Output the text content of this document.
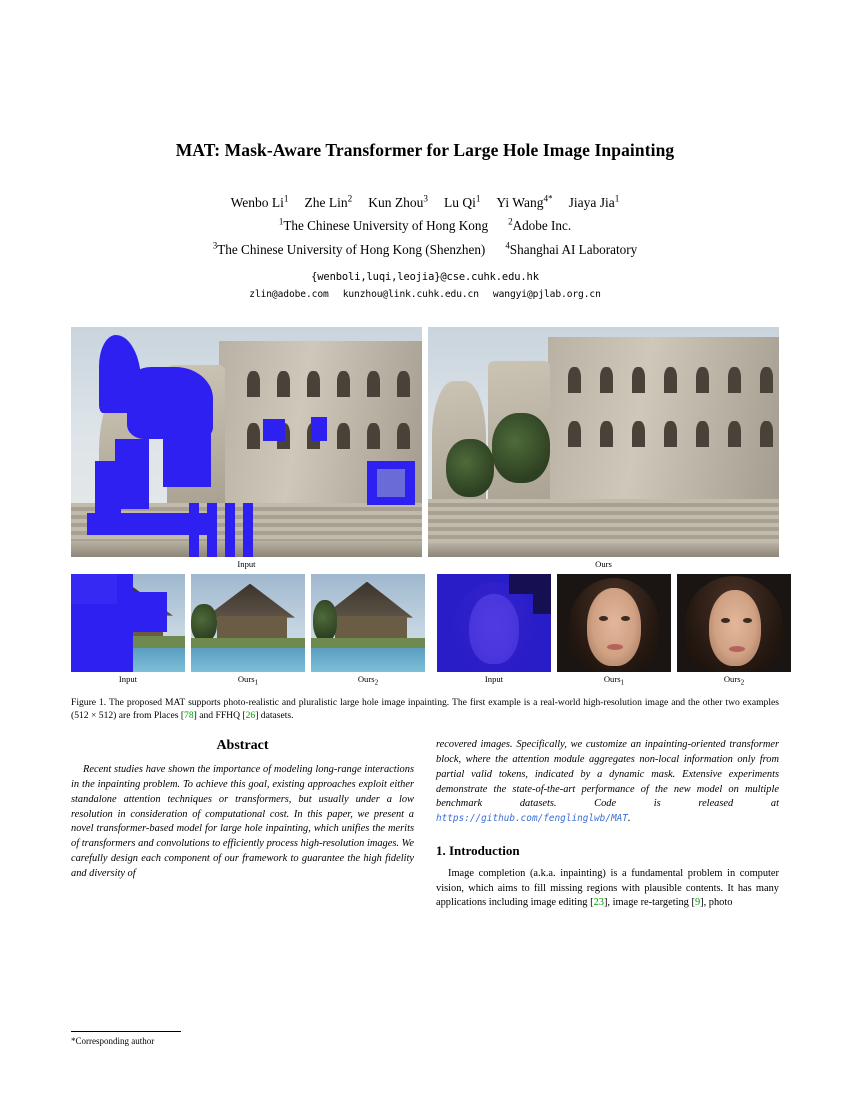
MAT: Mask-Aware Transformer for Large Hole Image Inpainting
Wenbo Li$^1$ Zhe Lin$^2$ Kun Zhou$^3$ Lu Qi$^1$ Yi Wang$^{4*}$ Jiaya Jia$^1$
$^1$The Chinese University of Hong Kong $^2$Adobe Inc.
$^3$The Chinese University of Hong Kong (Shenzhen) $^4$Shanghai AI Laboratory
{wenboli,luqi,leojia}@cse.cuhk.edu.hk
zlin@adobe.com kunzhou@link.cuhk.edu.cn wangyi@pjlab.org.cn
Input	Ours
Input	Ours$_1$	Ours$_2$	Input	Ours$_1$	Ours$_2$
Figure 1. The proposed MAT supports photo-realistic and pluralistic large hole image inpainting. The first example is a real-world high-resolution image and the other two examples (512 × 512) are from Places [78] and FFHQ [26] datasets.
Abstract
Recent studies have shown the importance of modeling long-range interactions in the inpainting problem. To achieve this goal, existing approaches exploit either standalone attention techniques or transformers, but usually under a low resolution in consideration of computational cost. In this paper, we present a novel transformer-based model for large hole inpainting, which unifies the merits of transformers and convolutions to efficiently process high-resolution images. We carefully design each component of our framework to guarantee the high fidelity and diversity of
*Corresponding author
recovered images. Specifically, we customize an inpainting-oriented transformer block, where the attention module aggregates non-local information only from partial valid tokens, indicated by a dynamic mask. Extensive experiments demonstrate the state-of-the-art performance of the new model on multiple benchmark datasets. Code is released at https://github.com/fenglinglwb/MAT.
1. Introduction
Image completion (a.k.a. inpainting) is a fundamental problem in computer vision, which aims to fill missing regions with plausible contents. It has many applications including image editing [23], image re-targeting [9], photo
